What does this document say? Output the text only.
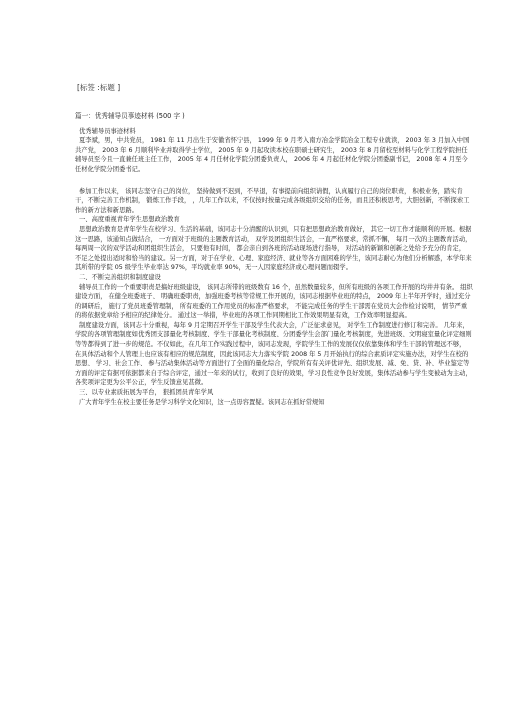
[标签 :标题 ]

篇一：优秀辅导员事迹材料 (500 字 )

优秀辅导员事迹材料

夏李斌，男，中共党员， 1981 年 11 月出生于安徽省怀宁县， 1999 年 9 月考入南方冶金学院冶金工程专业就读， 2003 年 3 月加入中国共产党， 2003 年 6 月顺利毕业并取得学士学位， 2005 年 9 月起攻读本校在职硕士研究生， 2003 年 8 月留校至材料与化学工程学院担任辅导员至今且一直兼任班主任工作， 2005 年 4 月任材化学院分团委负责人， 2006 年 4 月起任材化学院分团委副书记， 2008 年 4 月至今任材化学院分团委书记。

参加工作以来， 该同志坚守自己的岗位， 坚持做到不迟到，不早退，有事提前向组织请假，认真履行自己的岗位职责， 积极业务，踏实肯干，不断完善工作机制， 锻炼工作手段， ，几年工作以来，不仅按时按量完成各级组织交给的任务，而且还积极思考，大胆创新，不断探索工作的新方法和新思路。

一、高度重视青年学生思想政治教育

思想政治教育是青年学生在校学习、生活的基础，该同志十分清醒的认识到，只有把思想政治教育做好， 其它一切工作才能顺利的开展。根据这一思路，该通知点做结合， 一方面对于班级的主题教育活动， 双学及团组织生活会，一直严格要求，常抓不懈， 每月一次的主题教育活动， 每两周一次的双学活动和团组织生活会， 只要他有时间， 都会亲自到各班的活动现场进行指导， 对活动的新颖和创新之处给予充分的肯定， 不足之处提出适时和恰当的建议。另一方面，对于在学业、心理、家庭经济、就业等各方面困难的学生，该同志耐心为他们分析解惑，本学年来其所带的学院 05 级学生毕业率达 97%，平均就业率 90%，无一人因家庭经济或心理问题而辍学。

二、不断完善组织和制度建设

辅导员工作的一个重要职责是搞好班级建设， 该同志所带的班级数有 16 个，虽然数量较多，但所有班级的各项工作开展的均井井有条。 组织建设方面， 在健全班委班子、 明确班委职责，加强班委考核等常规工作开展的，该同志根据毕业班的特点， 2009 年上半年开学时，通过充分的调研后， 施行了党员班委管理制， 所有班委的工作用党员的标准严格要求， 不能完成任务的学生干部需在党员大会作检讨说明， 情节严重的将依据党章给予相应的纪律处分。 通过这一举措，毕业班的各项工作同期相比工作效果明显有效，工作效率明显提高。

制度建设方面，该同志十分重视，每年 9 月定期召开学生干部及学生代表大会，广泛征求意见， 对学生工作制度进行修订和完善。 几年来， 学院的各项管理制度如优秀团支部量化考核制度、学生干部量化考核制度、分团委学生会部门量化考核制度，先进班级、文明寝室量化评定细则等等都得到了进一步的规范。不仅如此，在几年工作实践过程中，该同志发现，学院学生工作的发展仅仅依靠集体和学生干部的管理远不够， 在具体活动和个人管理上也应该有相应的规范制度，因此该同志大力落实学院 2008 年 5 月开始执行的综合素质评定实施办法，对学生在校的思想、 学习、社会工作、 参与活动集体活动等方面进行了全面的量化综合，学院所有有关评优评先、组织发展、减、免、贷、补、毕业鉴定等方面的评定有据可依据都来自于综合评定，通过一年来的试行，收到了良好的效果，学习良性竞争良好发展，集体活动参与学生变被动为主动，各奖项评定更为公平公正，学生反馈意见甚微。

三、以专业素质拓展为平台， 狠抓团员青年学风

广大青年学生在校主要任务是学习科学文化知识，这一点毋容置疑。该同志在抓好常规知
